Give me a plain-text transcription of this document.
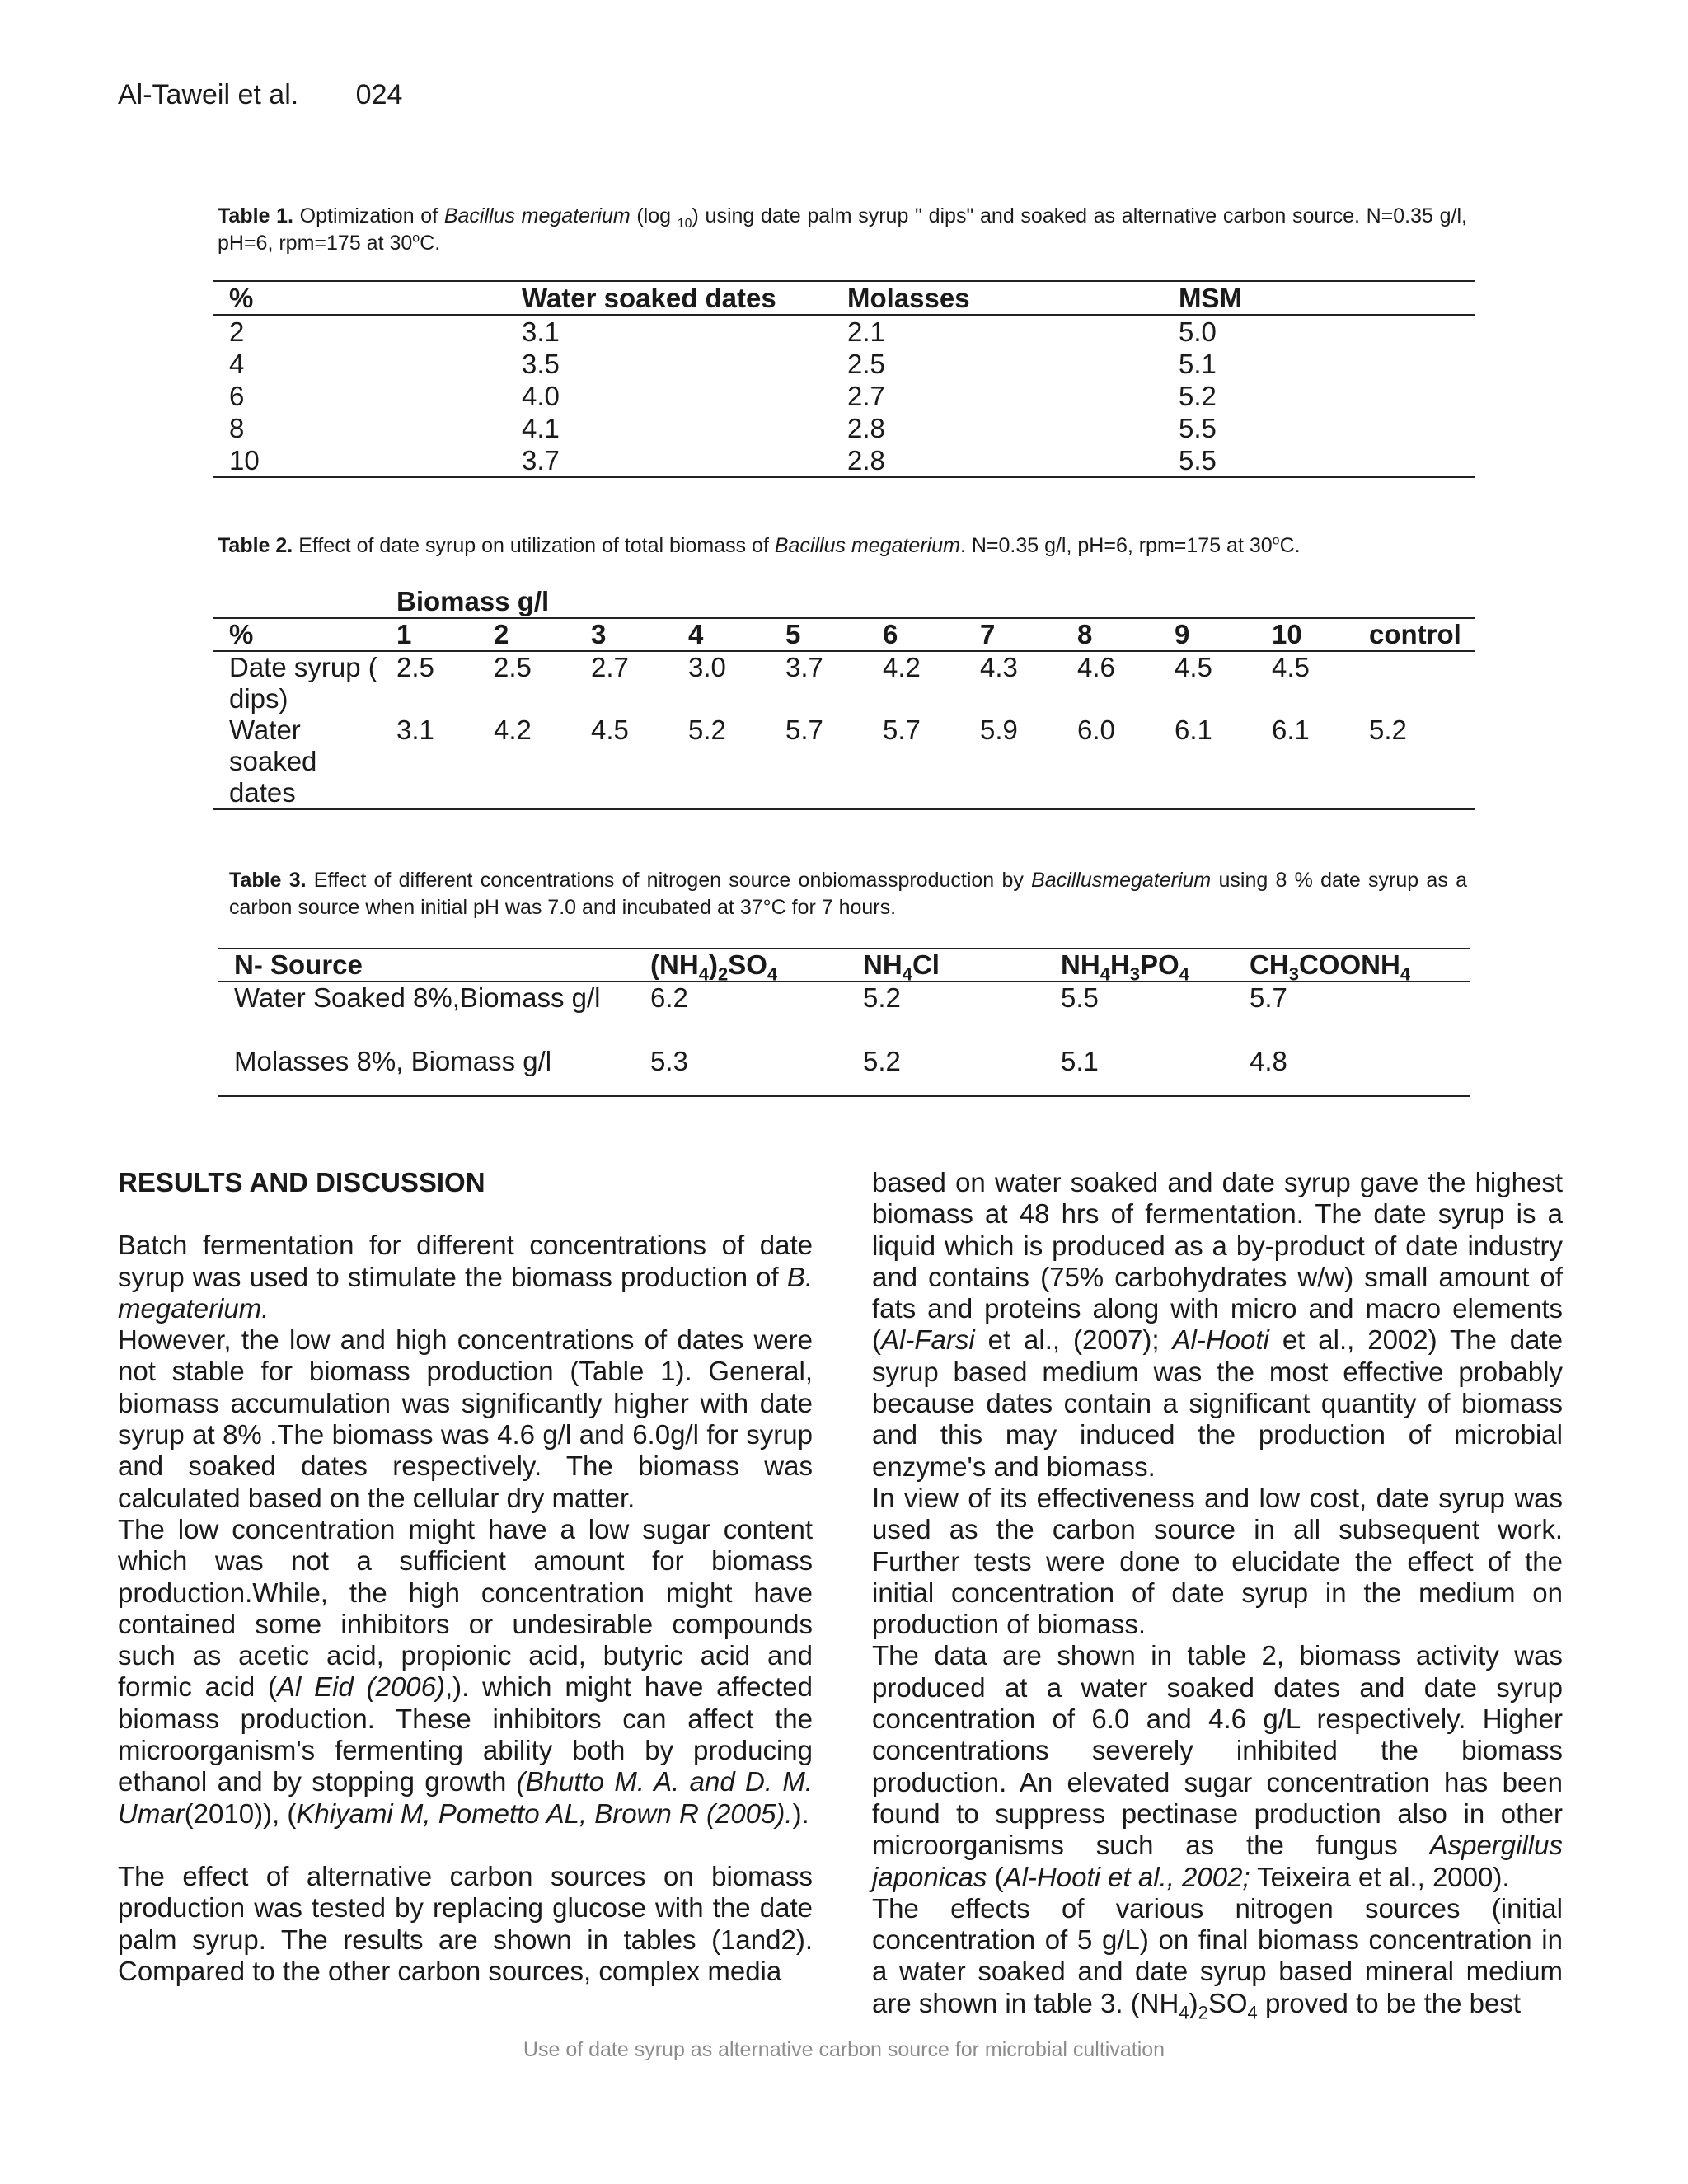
Al-Taweil et al. 024
Table 1. Optimization of Bacillus megaterium (log $_{10}$) using date palm syrup " dips" and soaked as alternative carbon source. N=0.35 g/l, pH=6, rpm=175 at 30$^o$C.
%	Water soaked dates	Molasses	MSM
2	3.1	2.1	5.0
4	3.5	2.5	5.1
6	4.0	2.7	5.2
8	4.1	2.8	5.5
10	3.7	2.8	5.5
Table 2. Effect of date syrup on utilization of total biomass of Bacillus megaterium. N=0.35 g/l, pH=6, rpm=175 at 30$^o$C.
	Biomass g/l										
%	1	2	3	4	5	6	7	8	9	10	control
Date syrup ( dips)	2.5	2.5	2.7	3.0	3.7	4.2	4.3	4.6	4.5	4.5	
Water soaked dates	3.1	4.2	4.5	5.2	5.7	5.7	5.9	6.0	6.1	6.1	5.2
Table 3. Effect of different concentrations of nitrogen source onbiomassproduction by Bacillusmegaterium using 8 % date syrup as a carbon source when initial pH was 7.0 and incubated at 37°C for 7 hours.
N- Source	$(NH_4)_2SO_4$	$NH_4Cl$	$NH_4H_3PO_4$	$CH_3COONH_4$
Water Soaked 8%,Biomass g/l	6.2	5.2	5.5	5.7
Molasses 8%, Biomass g/l	5.3	5.2	5.1	4.8

RESULTS AND DISCUSSION

Batch fermentation for different concentrations of date syrup was used to stimulate the biomass production of B. megaterium.

However, the low and high concentrations of dates were not stable for biomass production (Table 1). General, biomass accumulation was significantly higher with date syrup at 8% .The biomass was 4.6 g/l and 6.0g/l for syrup and soaked dates respectively. The biomass was calculated based on the cellular dry matter.

The low concentration might have a low sugar content which was not a sufficient amount for biomass production.While, the high concentration might have contained some inhibitors or undesirable compounds such as acetic acid, propionic acid, butyric acid and formic acid (Al Eid (2006),). which might have affected biomass production. These inhibitors can affect the microorganism's fermenting ability both by producing ethanol and by stopping growth (Bhutto M. A. and D. M. Umar(2010)), (Khiyami M, Pometto AL, Brown R (2005).).

The effect of alternative carbon sources on biomass production was tested by replacing glucose with the date palm syrup. The results are shown in tables (1and2). Compared to the other carbon sources, complex media

based on water soaked and date syrup gave the highest biomass at 48 hrs of fermentation. The date syrup is a liquid which is produced as a by-product of date industry and contains (75% carbohydrates w/w) small amount of fats and proteins along with micro and macro elements (Al-Farsi et al., (2007); Al-Hooti et al., 2002) The date syrup based medium was the most effective probably because dates contain a significant quantity of biomass and this may induced the production of microbial enzyme's and biomass.

In view of its effectiveness and low cost, date syrup was used as the carbon source in all subsequent work. Further tests were done to elucidate the effect of the initial concentration of date syrup in the medium on production of biomass.

The data are shown in table 2, biomass activity was produced at a water soaked dates and date syrup concentration of 6.0 and 4.6 g/L respectively. Higher concentrations severely inhibited the biomass production. An elevated sugar concentration has been found to suppress pectinase production also in other microorganisms such as the fungus Aspergillus japonicas (Al-Hooti et al., 2002; Teixeira et al., 2000).

The effects of various nitrogen sources (initial concentration of 5 g/L) on final biomass concentration in a water soaked and date syrup based mineral medium are shown in table 3. $(NH_4)_2SO_4$ proved to be the best

Use of date syrup as alternative carbon source for microbial cultivation
